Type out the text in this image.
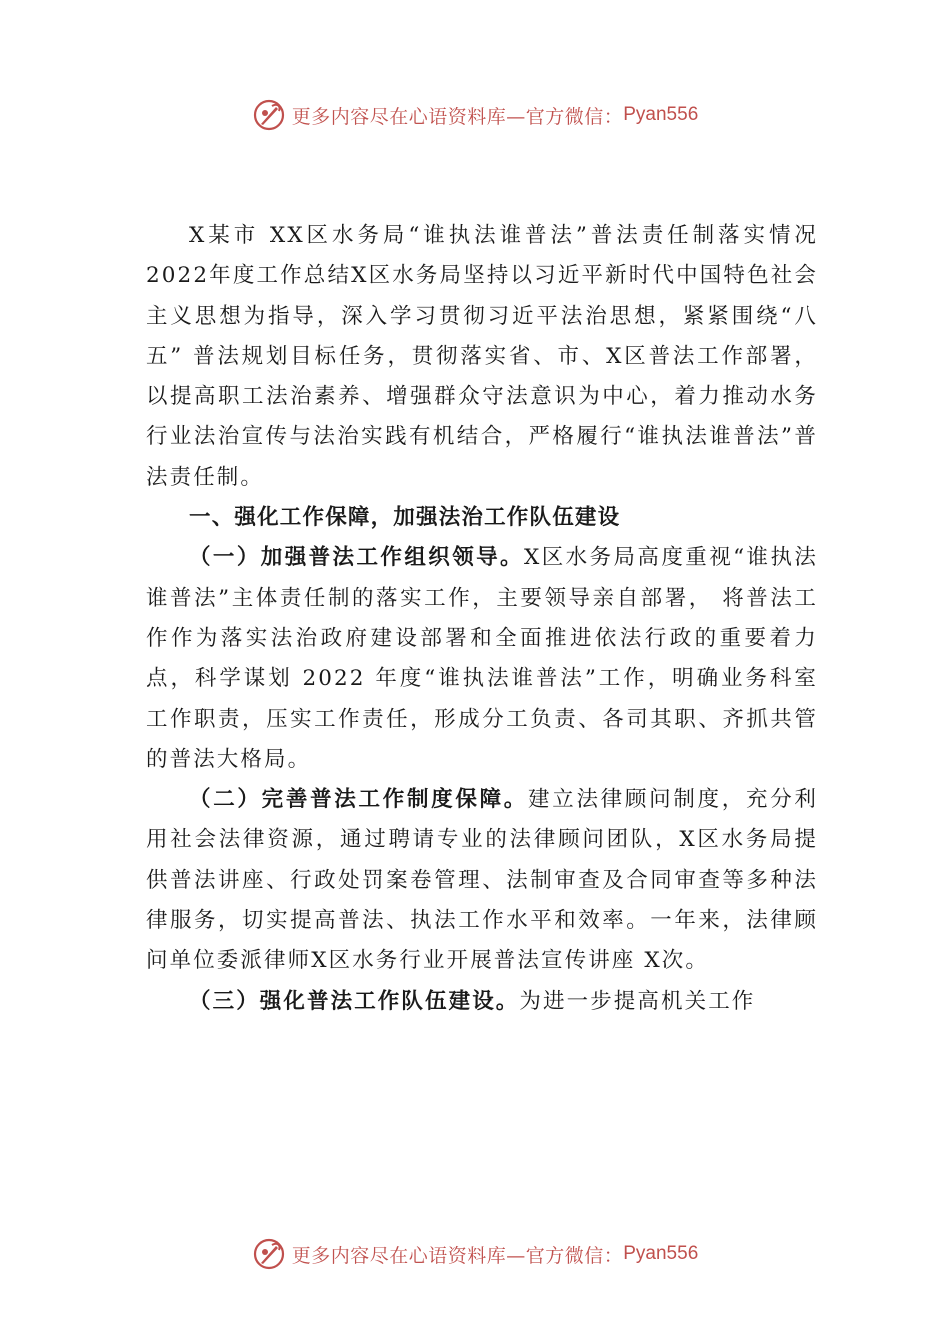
更多内容尽在心语资料库—官方微信： Pyan556

X某市 XX区水务局“谁执法谁普法”普法责任制落实情况 2022年度工作总结X区水务局坚持以习近平新时代中国特色社会主义思想为指导，深入学习贯彻习近平法治思想，紧紧围绕“八五” 普法规划目标任务，贯彻落实省、市、X区普法工作部署， 以提高职工法治素养、增强群众守法意识为中心，着力推动水务行业法治宣传与法治实践有机结合，严格履行“谁执法谁普法”普法责任制。

一、强化工作保障，加强法治工作队伍建设

（一）加强普法工作组织领导。X区水务局高度重视“谁执法谁普法”主体责任制的落实工作，主要领导亲自部署， 将普法工作作为落实法治政府建设部署和全面推进依法行政的重要着力点，科学谋划 2022 年度“谁执法谁普法”工作，明确业务科室工作职责，压实工作责任，形成分工负责、各司其职、齐抓共管的普法大格局。

（二）完善普法工作制度保障。建立法律顾问制度，充分利用社会法律资源，通过聘请专业的法律顾问团队，X区水务局提供普法讲座、行政处罚案卷管理、法制审查及合同审查等多种法律服务，切实提高普法、执法工作水平和效率。一年来，法律顾问单位委派律师X区水务行业开展普法宣传讲座 X次。

（三）强化普法工作队伍建设。为进一步提高机关工作

更多内容尽在心语资料库—官方微信： Pyan556
